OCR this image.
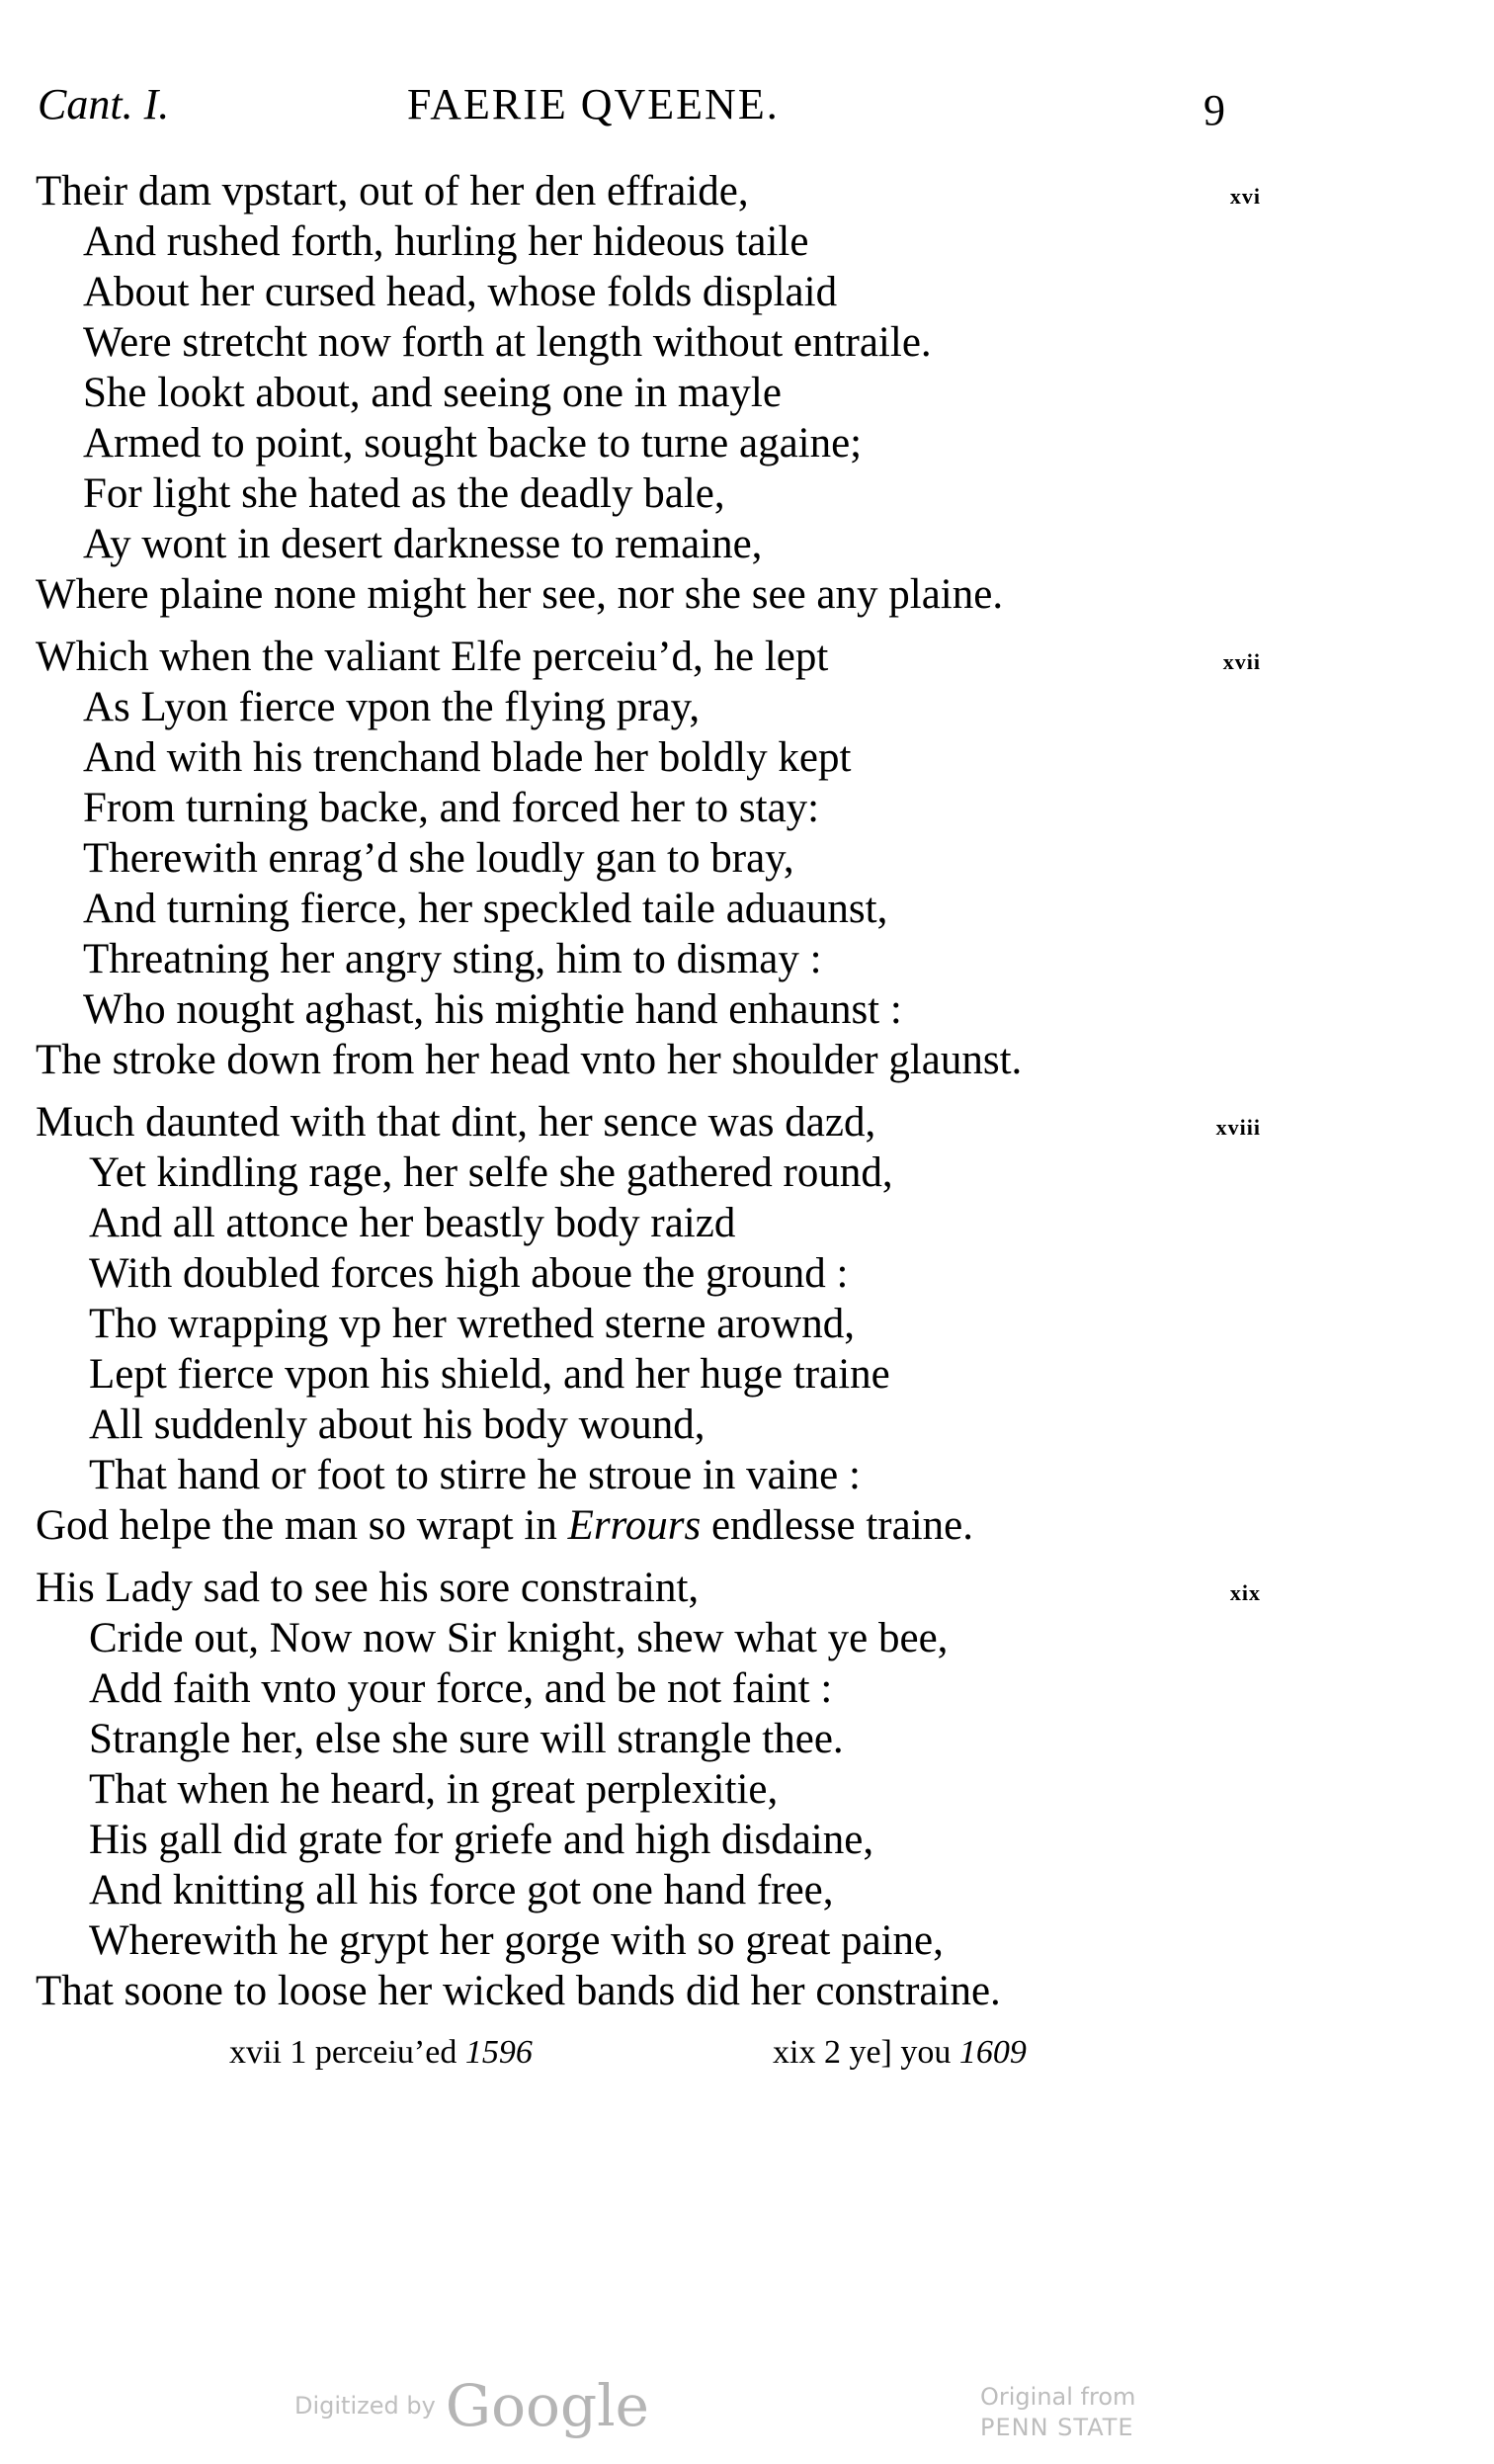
Cant. I.	FAERIE QVEENE.	9
xvi
Their dam vpstart, out of her den effraide,
And rushed forth, hurling her hideous taile
About her cursed head, whose folds displaid
Were stretcht now forth at length without entraile.
She lookt about, and seeing one in mayle
Armed to point, sought backe to turne againe;
For light she hated as the deadly bale,
Ay wont in desert darknesse to remaine,
Where plaine none might her see, nor she see any plaine.
xvii
Which when the valiant Elfe perceiu’d, he lept
As Lyon fierce vpon the flying pray,
And with his trenchand blade her boldly kept
From turning backe, and forced her to stay:
Therewith enrag’d she loudly gan to bray,
And turning fierce, her speckled taile aduaunst,
Threatning her angry sting, him to dismay :
Who nought aghast, his mightie hand enhaunst :
The stroke down from her head vnto her shoulder glaunst.
xviii
Much daunted with that dint, her sence was dazd,
Yet kindling rage, her selfe she gathered round,
And all attonce her beastly body raizd
With doubled forces high aboue the ground :
Tho wrapping vp her wrethed sterne arownd,
Lept fierce vpon his shield, and her huge traine
All suddenly about his body wound,
That hand or foot to stirre he stroue in vaine :
God helpe the man so wrapt in Errours endlesse traine.
xix
His Lady sad to see his sore constraint,
Cride out, Now now Sir knight, shew what ye bee,
Add faith vnto your force, and be not faint :
Strangle her, else she sure will strangle thee.
That when he heard, in great perplexitie,
His gall did grate for griefe and high disdaine,
And knitting all his force got one hand free,
Wherewith he grypt her gorge with so great paine,
That soone to loose her wicked bands did her constraine.
xvii 1 perceiu’ed 1596	xix 2 ye] you 1609
Digitized by Google	Original from
PENN STATE
